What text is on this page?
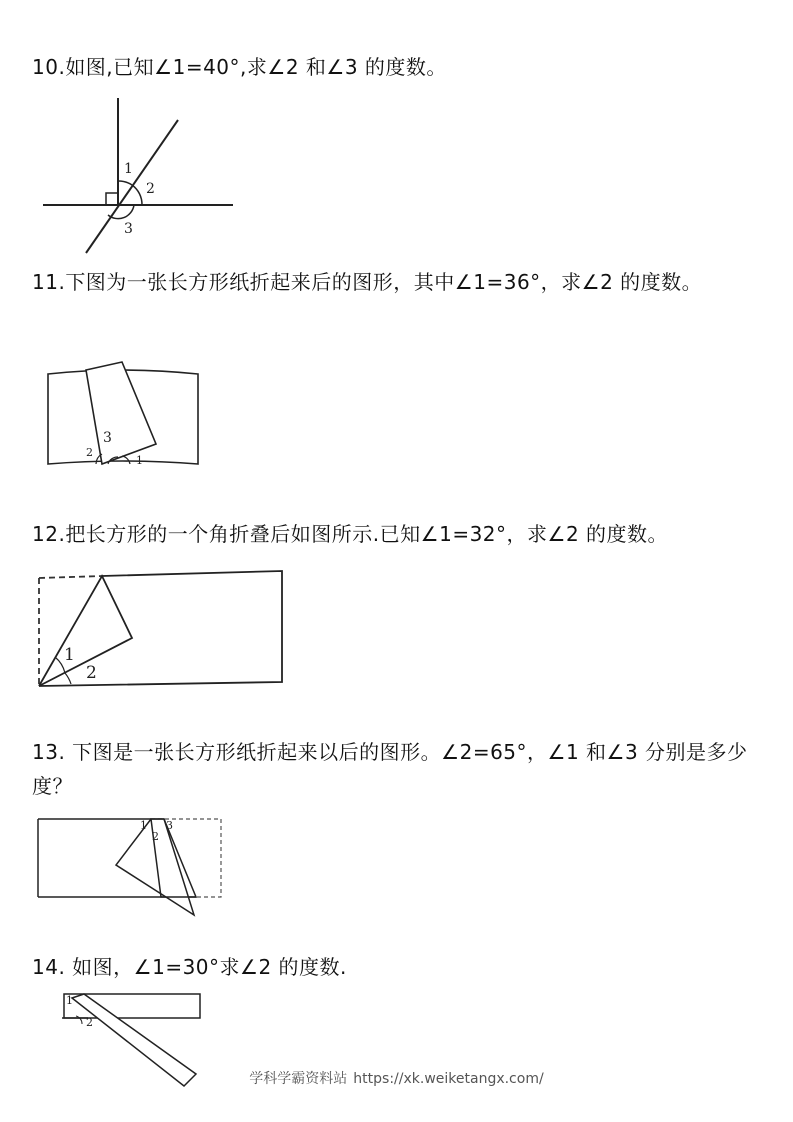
10.如图,已知∠1=40°,求∠2 和∠3 的度数。

1
2
3

11.下图为一张长方形纸折起来后的图形，其中∠1=36°，求∠2 的度数。

3
2
1

12.把长方形的一个角折叠后如图所示.已知∠1=32°，求∠2 的度数。

1
2

13. 下图是一张长方形纸折起来以后的图形。∠2=65°，∠1 和∠3 分别是多少度？

1 3
2

14. 如图，∠1=30°求∠2 的度数.

1
2
学科学霸资料站 https://xk.weiketangx.com/
